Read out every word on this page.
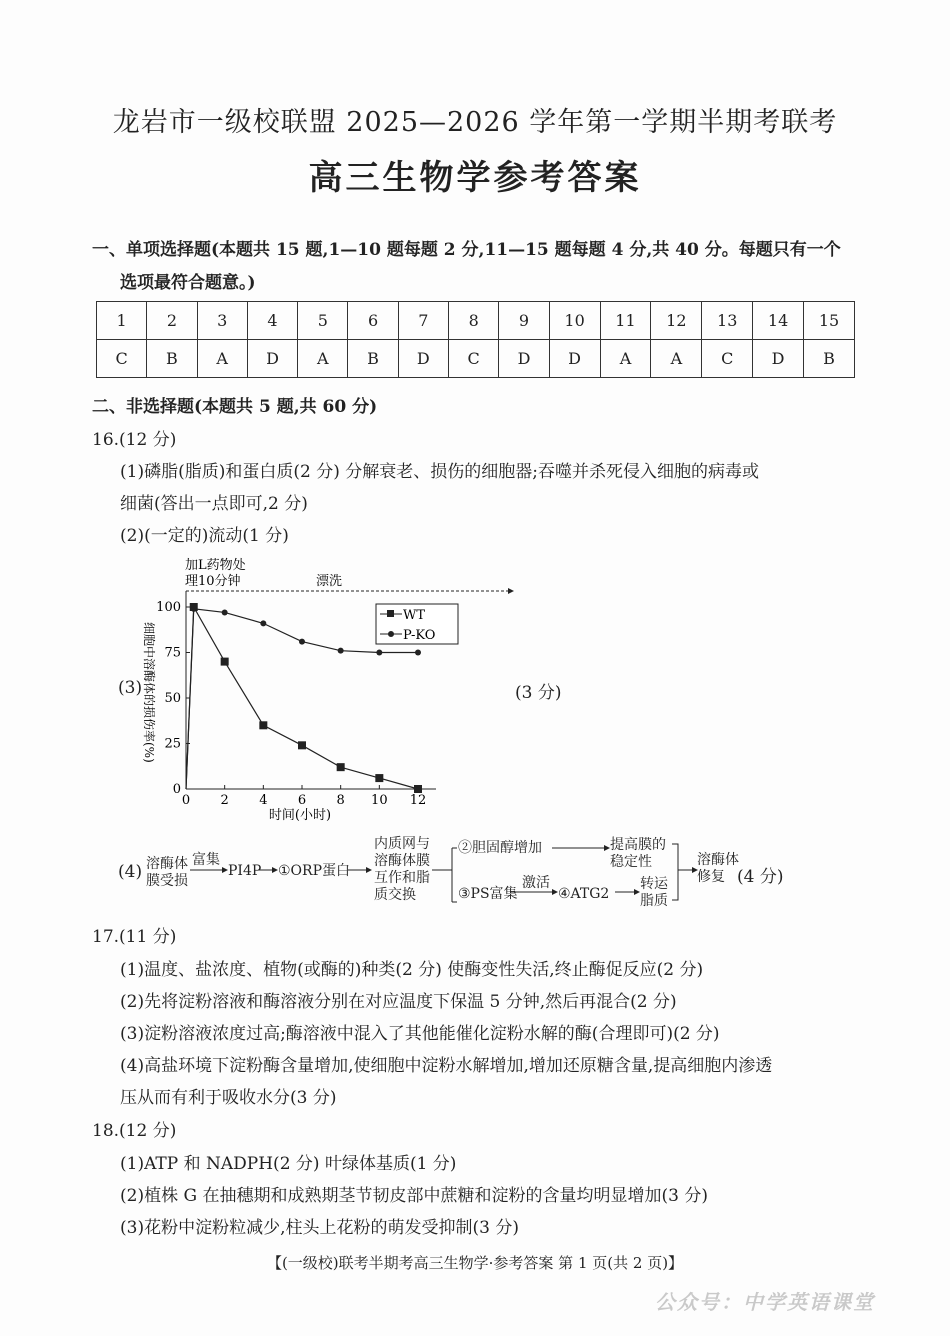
龙岩市一级校联盟 2025—2026 学年第一学期半期考联考
高三生物学参考答案
一、单项选择题(本题共 15 题,1—10 题每题 2 分,11—15 题每题 4 分,共 40 分。每题只有一个
选项最符合题意。)
1	2	3	4	5	6	7	8	9	10	11	12	13	14	15
C	B	A	D	A	B	D	C	D	D	A	A	C	D	B
二、非选择题(本题共 5 题,共 60 分)
16.(12 分)
(1)磷脂(脂质)和蛋白质(2 分) 分解衰老、损伤的细胞器;吞噬并杀死侵入细胞的病毒或
细菌(答出一点即可,2 分)
(2)(一定的)流动(1 分)
(3)	(3 分)
加L药物处
理10分钟	漂洗
时间(小时)
细胞中溶酶体的损伤率(%)
0 2 4 6 8 10 12
0
25
50
75
100
WT
P-KO
(4) 溶酶体
膜受损
富集
PI4P ①ORP蛋白
内质网与
溶酶体膜
互作和脂
质交换
②胆固醇增加	提高膜的
稳定性
③PS富集
激活
④ATG2
转运
脂质
溶酶体
修复 (4 分)
17.(11 分)
(1)温度、盐浓度、植物(或酶的)种类(2 分) 使酶变性失活,终止酶促反应(2 分)
(2)先将淀粉溶液和酶溶液分别在对应温度下保温 5 分钟,然后再混合(2 分)
(3)淀粉溶液浓度过高;酶溶液中混入了其他能催化淀粉水解的酶(合理即可)(2 分)
(4)高盐环境下淀粉酶含量增加,使细胞中淀粉水解增加,增加还原糖含量,提高细胞内渗透
压从而有利于吸收水分(3 分)
18.(12 分)
(1)ATP 和 NADPH(2 分) 叶绿体基质(1 分)
(2)植株 G 在抽穗期和成熟期茎节韧皮部中蔗糖和淀粉的含量均明显增加(3 分)
(3)花粉中淀粉粒减少,柱头上花粉的萌发受抑制(3 分)
【(一级校)联考半期考高三生物学·参考答案 第 1 页(共 2 页)】
公众号：中学英语课堂
